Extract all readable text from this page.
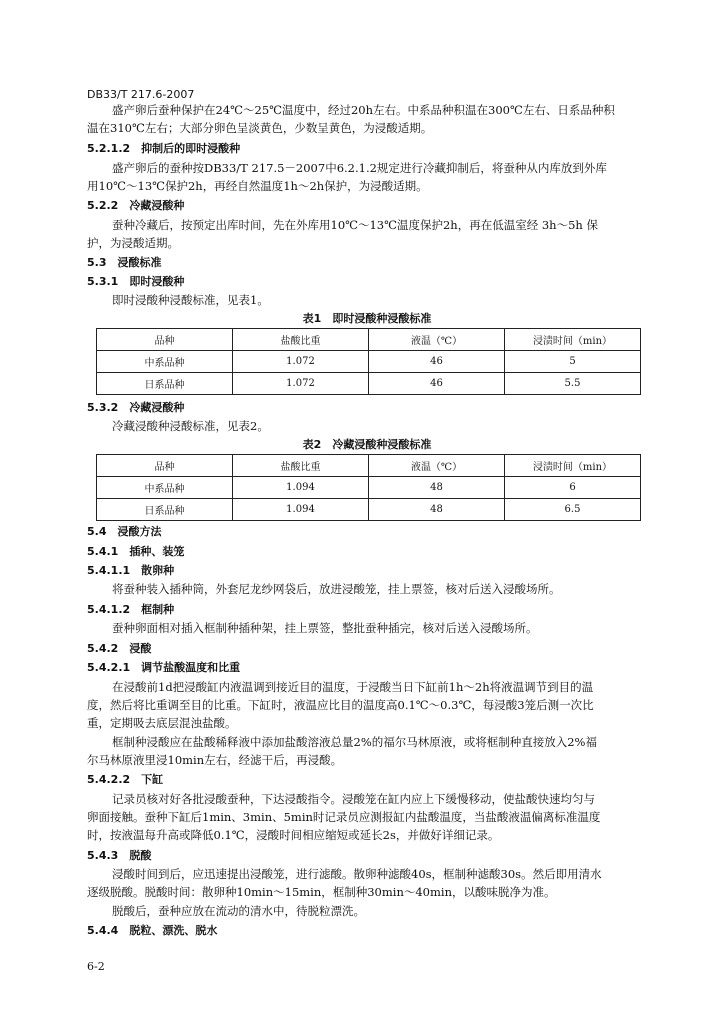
DB33/T 217.6-2007
盛产卵后蚕种保护在24℃～25℃温度中，经过20h左右。中系品种积温在300℃左右、日系品种积
温在310℃左右；大部分卵色呈淡黄色，少数呈黄色，为浸酸适期。
5.2.1.2　抑制后的即时浸酸种
盛产卵后的蚕种按DB33/T 217.5－2007中6.2.1.2规定进行冷藏抑制后，将蚕种从内库放到外库
用10℃～13℃保护2h，再经自然温度1h～2h保护，为浸酸适期。
5.2.2　冷藏浸酸种
蚕种冷藏后，按预定出库时间，先在外库用10℃～13℃温度保护2h，再在低温室经 3h～5h 保
护，为浸酸适期。
5.3　浸酸标准
5.3.1　即时浸酸种
即时浸酸种浸酸标准，见表1。
表1　即时浸酸种浸酸标准
品种	盐酸比重	液温（℃）	浸渍时间（min）
中系品种	1.072	46	5
日系品种	1.072	46	5.5
5.3.2　冷藏浸酸种
冷藏浸酸种浸酸标准，见表2。
表2　冷藏浸酸种浸酸标准
品种	盐酸比重	液温（℃）	浸渍时间（min）
中系品种	1.094	48	6
日系品种	1.094	48	6.5
5.4　浸酸方法
5.4.1　插种、装笼
5.4.1.1　散卵种
将蚕种装入插种筒，外套尼龙纱网袋后，放进浸酸笼，挂上票签，核对后送入浸酸场所。
5.4.1.2　框制种
蚕种卵面相对插入框制种插种架，挂上票签，整批蚕种插完，核对后送入浸酸场所。
5.4.2　浸酸
5.4.2.1　调节盐酸温度和比重
在浸酸前1d把浸酸缸内液温调到接近目的温度，于浸酸当日下缸前1h～2h将液温调节到目的温
度，然后将比重调至目的比重。下缸时，液温应比目的温度高0.1℃～0.3℃，每浸酸3笼后测一次比
重，定期吸去底层混浊盐酸。
框制种浸酸应在盐酸稀释液中添加盐酸溶液总量2%的福尔马林原液，或将框制种直接放入2%福
尔马林原液里浸10min左右，经滤干后，再浸酸。
5.4.2.2　下缸
记录员核对好各批浸酸蚕种，下达浸酸指令。浸酸笼在缸内应上下缓慢移动，使盐酸快速均匀与
卵面接触。蚕种下缸后1min、3min、5min时记录员应测报缸内盐酸温度，当盐酸液温偏离标准温度
时，按液温每升高或降低0.1℃，浸酸时间相应缩短或延长2s，并做好详细记录。
5.4.3　脱酸
浸酸时间到后，应迅速提出浸酸笼，进行滤酸。散卵种滤酸40s，框制种滤酸30s。然后即用清水
逐级脱酸。脱酸时间：散卵种10min～15min，框制种30min～40min，以酸味脱净为准。
脱酸后，蚕种应放在流动的清水中，待脱粒漂洗。
5.4.4　脱粒、漂洗、脱水
6-2
